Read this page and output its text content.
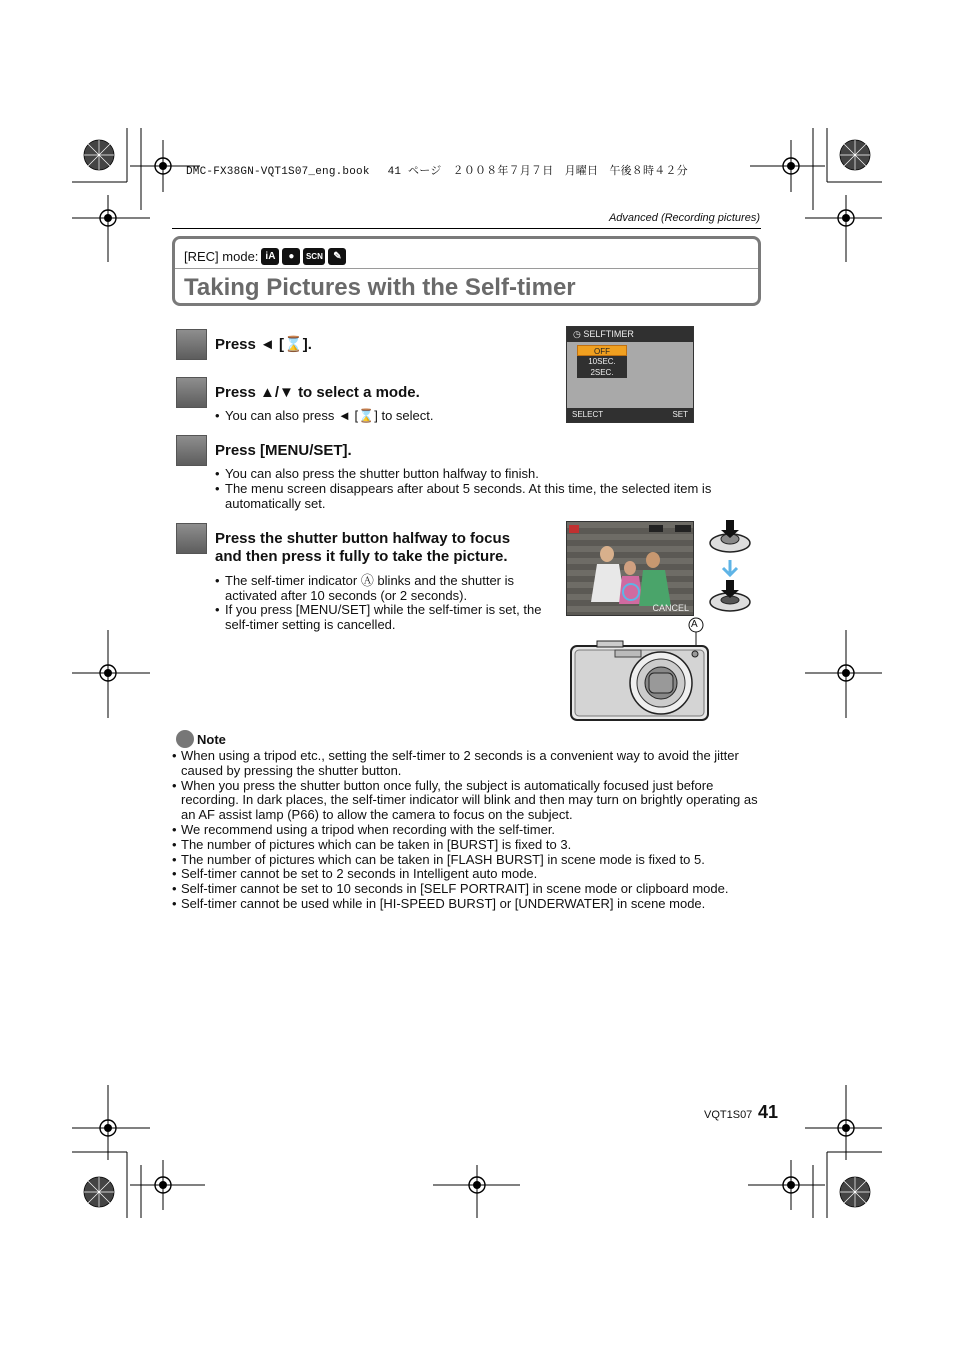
DMC-FX38GN-VQT1S07_eng.book　 41 ページ　２００８年７月７日　月曜日　午後８時４２分
Advanced (Recording pictures)
[REC] mode: iA	●	SCN	✎
Taking Pictures with the Self-timer
Press ◄ [⌛].
◷ SELFTIMER
OFF
10SEC.
2SEC.
SELECT	SET
Press ▲/▼ to select a mode.
• You can also press ◄ [⌛] to select.
Press [MENU/SET].
• You can also press the shutter button halfway to finish.
• The menu screen disappears after about 5 seconds. At this time, the selected item is automatically set.
Press the shutter button halfway to focus
and then press it fully to take the picture.
• The self-timer indicator Ⓐ blinks and the shutter is activated after 10 seconds (or 2 seconds).
• If you press [MENU/SET] while the self-timer is set, the self-timer setting is cancelled.
CANCEL
A
Note
• When using a tripod etc., setting the self-timer to 2 seconds is a convenient way to avoid the jitter caused by pressing the shutter button.
• When you press the shutter button once fully, the subject is automatically focused just before recording. In dark places, the self-timer indicator will blink and then may turn on brightly operating as an AF assist lamp (P66) to allow the camera to focus on the subject.
• We recommend using a tripod when recording with the self-timer.
• The number of pictures which can be taken in [BURST] is fixed to 3.
• The number of pictures which can be taken in [FLASH BURST] in scene mode is fixed to 5.
• Self-timer cannot be set to 2 seconds in Intelligent auto mode.
• Self-timer cannot be set to 10 seconds in [SELF PORTRAIT] in scene mode or clipboard mode.
• Self-timer cannot be used while in [HI-SPEED BURST] or [UNDERWATER] in scene mode.
VQT1S07 41
